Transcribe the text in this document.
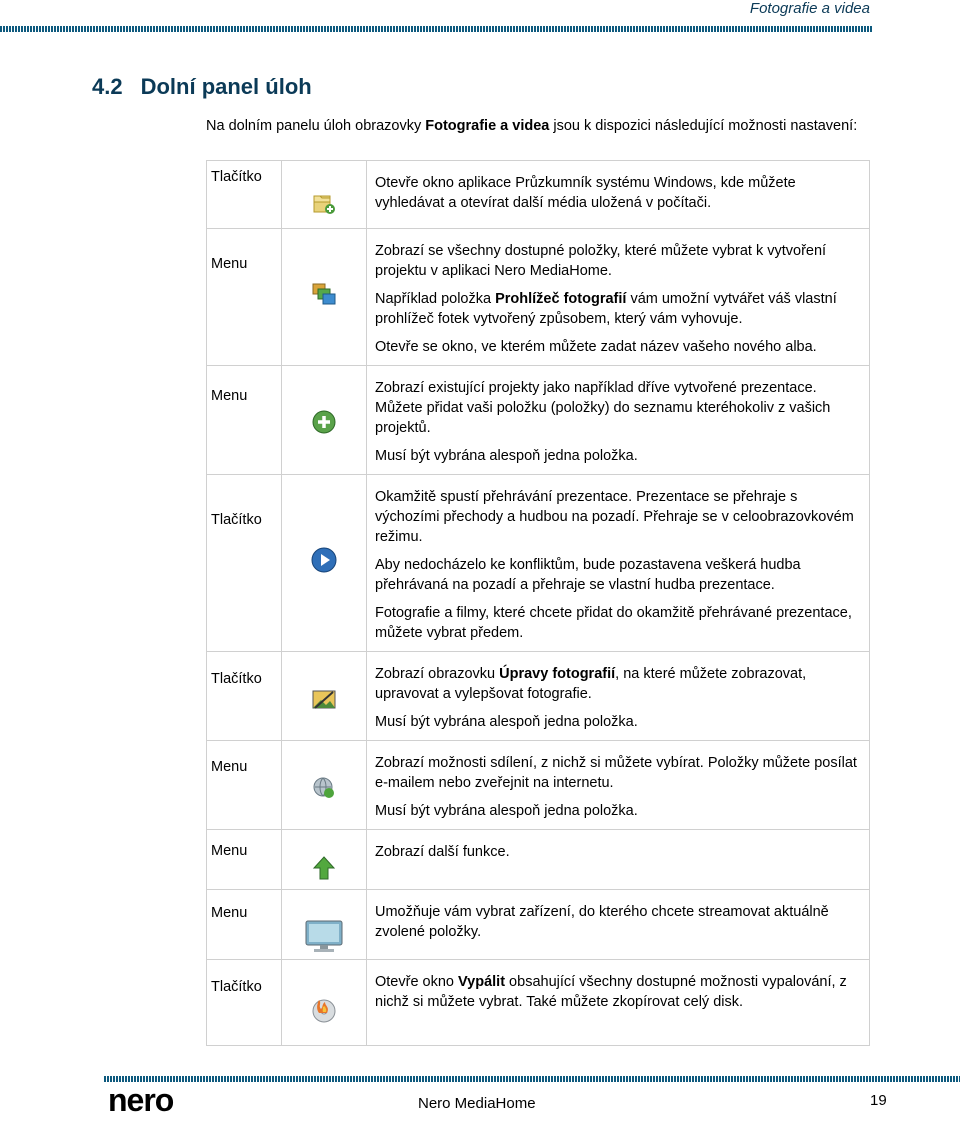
Fotografie a videa
4.2 Dolní panel úloh

Na dolním panelu úloh obrazovky Fotografie a videa jsou k dispozici následující možnosti nastavení:

Tlačítko		Otevře okno aplikace Průzkumník systému Windows, kde můžete vyhledávat a otevírat další média uložená v počítači.

Menu		Zobrazí se všechny dostupné položky, které můžete vybrat k vytvoření projektu v aplikaci Nero MediaHome.

Například položka Prohlížeč fotografií vám umožní vytvářet váš vlastní prohlížeč fotek vytvořený způsobem, který vám vyhovuje.

Otevře se okno, ve kterém můžete zadat název vašeho nového alba.

Menu		Zobrazí existující projekty jako například dříve vytvořené prezentace. Můžete přidat vaši položku (položky) do seznamu kteréhokoliv z vašich projektů.

Musí být vybrána alespoň jedna položka.

Tlačítko		Okamžitě spustí přehrávání prezentace. Prezentace se přehraje s výchozími přechody a hudbou na pozadí. Přehraje se v celoobrazovkovém režimu.

Aby nedocházelo ke konfliktům, bude pozastavena veškerá hudba přehrávaná na pozadí a přehraje se vlastní hudba prezentace.

Fotografie a filmy, které chcete přidat do okamžitě přehrávané prezentace, můžete vybrat předem.

Tlačítko		Zobrazí obrazovku Úpravy fotografií, na které můžete zobrazovat, upravovat a vylepšovat fotografie.

Musí být vybrána alespoň jedna položka.

Menu		Zobrazí možnosti sdílení, z nichž si můžete vybírat. Položky můžete posílat e-mailem nebo zveřejnit na internetu.

Musí být vybrána alespoň jedna položka.

Menu		Zobrazí další funkce.

Menu		Umožňuje vám vybrat zařízení, do kterého chcete streamovat aktuálně zvolené položky.

Tlačítko		Otevře okno Vypálit obsahující všechny dostupné možnosti vypalování, z nichž si můžete vybrat. Také můžete zkopírovat celý disk.

nero	Nero MediaHome	19
